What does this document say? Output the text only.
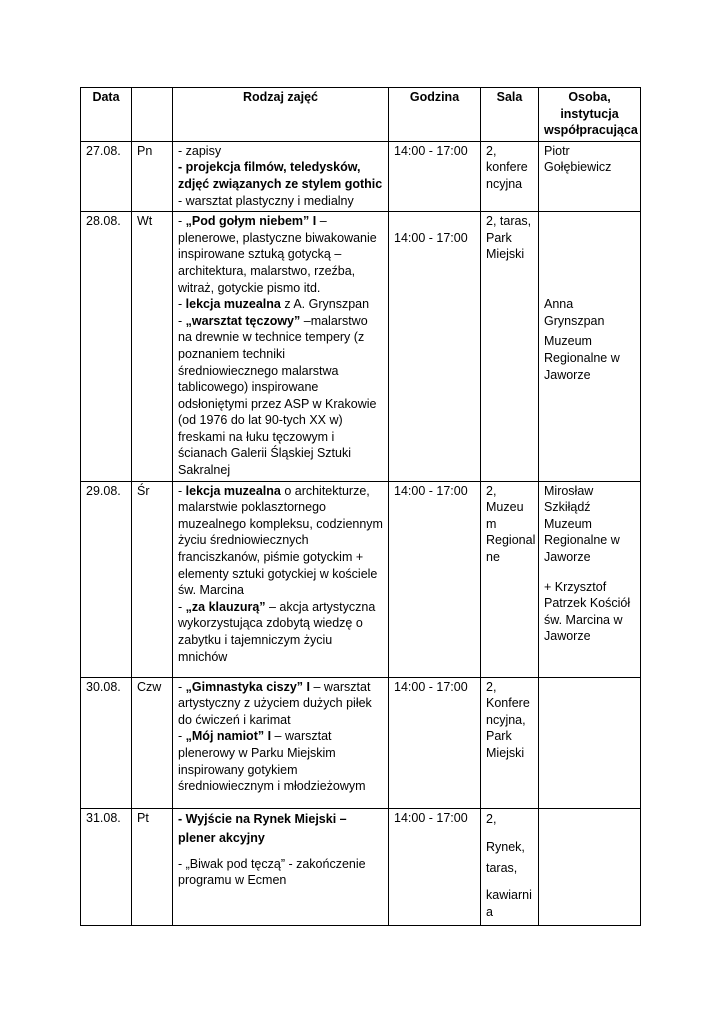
Data		Rodzaj zajęć	Godzina	Sala	Osoba, instytucja współpracująca
27.08.	Pn	- zapisy
- projekcja filmów, teledysków, zdjęć związanych ze stylem gothic
- warsztat plastyczny i medialny	14:00 - 17:00	2, konfere ncyjna	Piotr Gołębiewicz
28.08.	Wt	- „Pod gołym niebem” I – plenerowe, plastyczne biwakowanie inspirowane sztuką gotycką – architektura, malarstwo, rzeźba, witraż, gotyckie pismo itd.
- lekcja muzealna z A. Grynszpan
- „warsztat tęczowy” –malarstwo na drewnie w technice tempery (z poznaniem techniki średniowiecznego malarstwa tablicowego) inspirowane odsłoniętymi przez ASP w Krakowie (od 1976 do lat 90-tych XX w) freskami na łuku tęczowym i ścianach Galerii Śląskiej Sztuki Sakralnej	14:00 - 17:00	2, taras, Park Miejski	Anna Grynszpan
Muzeum Regionalne w Jaworze

29.08.	Śr	- lekcja muzealna o architekturze, malarstwie poklasztornego muzealnego kompleksu, codziennym życiu średniowiecznych franciszkanów, piśmie gotyckim + elementy sztuki gotyckiej w kościele św. Marcina
- „za klauzurą” – akcja artystyczna wykorzystująca zdobytą wiedzę o zabytku i tajemniczym życiu mnichów	14:00 - 17:00	2, Muzeu m Regional ne	Mirosław Szkiłądź Muzeum Regionalne w Jaworze
+ Krzysztof Patrzek Kościół św. Marcina w Jaworze

30.08.	Czw	- „Gimnastyka ciszy” I – warsztat artystyczny z użyciem dużych piłek do ćwiczeń i karimat
- „Mój namiot” I – warsztat plenerowy w Parku Miejskim inspirowany gotykiem średniowiecznym i młodzieżowym	14:00 - 17:00	2, Konfere ncyjna, Park Miejski	
31.08.	Pt	- Wyjście na Rynek Miejski – plener akcyjny
- „Biwak pod tęczą” - zakończenie programu w Ecmen	14:00 - 17:00	2,
Rynek, taras,
kawiarni a	
